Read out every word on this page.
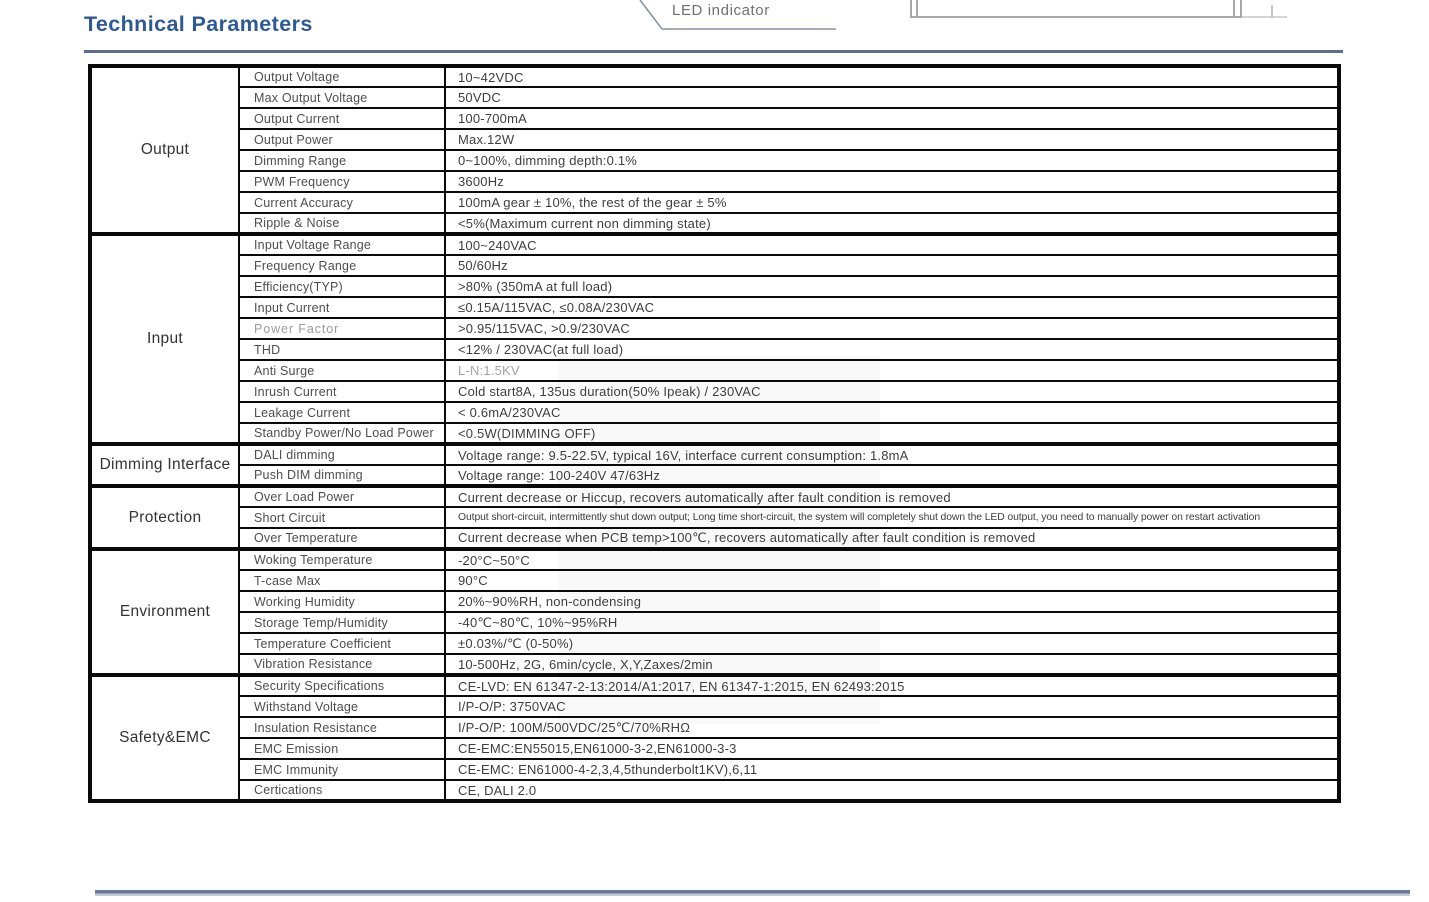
Technical Parameters
LED indicator
Output	Output Voltage	10~42VDC
	Max Output Voltage	50VDC
	Output Current	100-700mA
	Output Power	Max.12W
	Dimming Range	0~100%, dimming depth:0.1%
	PWM Frequency	3600Hz
	Current Accuracy	100mA gear ± 10%, the rest of the gear ± 5%
	Ripple & Noise	<5%(Maximum current non dimming state)
Input	Input Voltage Range	100~240VAC
	Frequency Range	50/60Hz
	Efficiency(TYP)	>80% (350mA at full load)
	Input Current	≤0.15A/115VAC, ≤0.08A/230VAC
	Power Factor	>0.95/115VAC, >0.9/230VAC
	THD	<12% / 230VAC(at full load)
	Anti Surge	L-N:1.5KV
	Inrush Current	Cold start8A, 135us duration(50% Ipeak) / 230VAC
	Leakage Current	< 0.6mA/230VAC
	Standby Power/No Load Power	<0.5W(DIMMING OFF)
Dimming Interface	DALI dimming	Voltage range: 9.5-22.5V, typical 16V, interface current consumption: 1.8mA
	Push DIM dimming	Voltage range: 100-240V 47/63Hz
Protection	Over Load Power	Current decrease or Hiccup, recovers automatically after fault condition is removed
	Short Circuit	Output short-circuit, intermittently shut down output; Long time short-circuit, the system will completely shut down the LED output, you need to manually power on restart activation
	Over Temperature	Current decrease when PCB temp>100℃, recovers automatically after fault condition is removed
Environment	Woking Temperature	-20°C~50°C
	T-case Max	90°C
	Working Humidity	20%~90%RH, non-condensing
	Storage Temp/Humidity	-40℃~80℃, 10%~95%RH
	Temperature Coefficient	±0.03%/℃ (0-50%)
	Vibration Resistance	10-500Hz, 2G, 6min/cycle, X,Y,Zaxes/2min
Safety&EMC	Security Specifications	CE-LVD: EN 61347-2-13:2014/A1:2017, EN 61347-1:2015, EN 62493:2015
	Withstand Voltage	I/P-O/P: 3750VAC
	Insulation Resistance	I/P-O/P: 100M/500VDC/25℃/70%RHΩ
	EMC Emission	CE-EMC:EN55015,EN61000-3-2,EN61000-3-3
	EMC Immunity	CE-EMC: EN61000-4-2,3,4,5thunderbolt1KV),6,11
	Certications	CE, DALI 2.0
